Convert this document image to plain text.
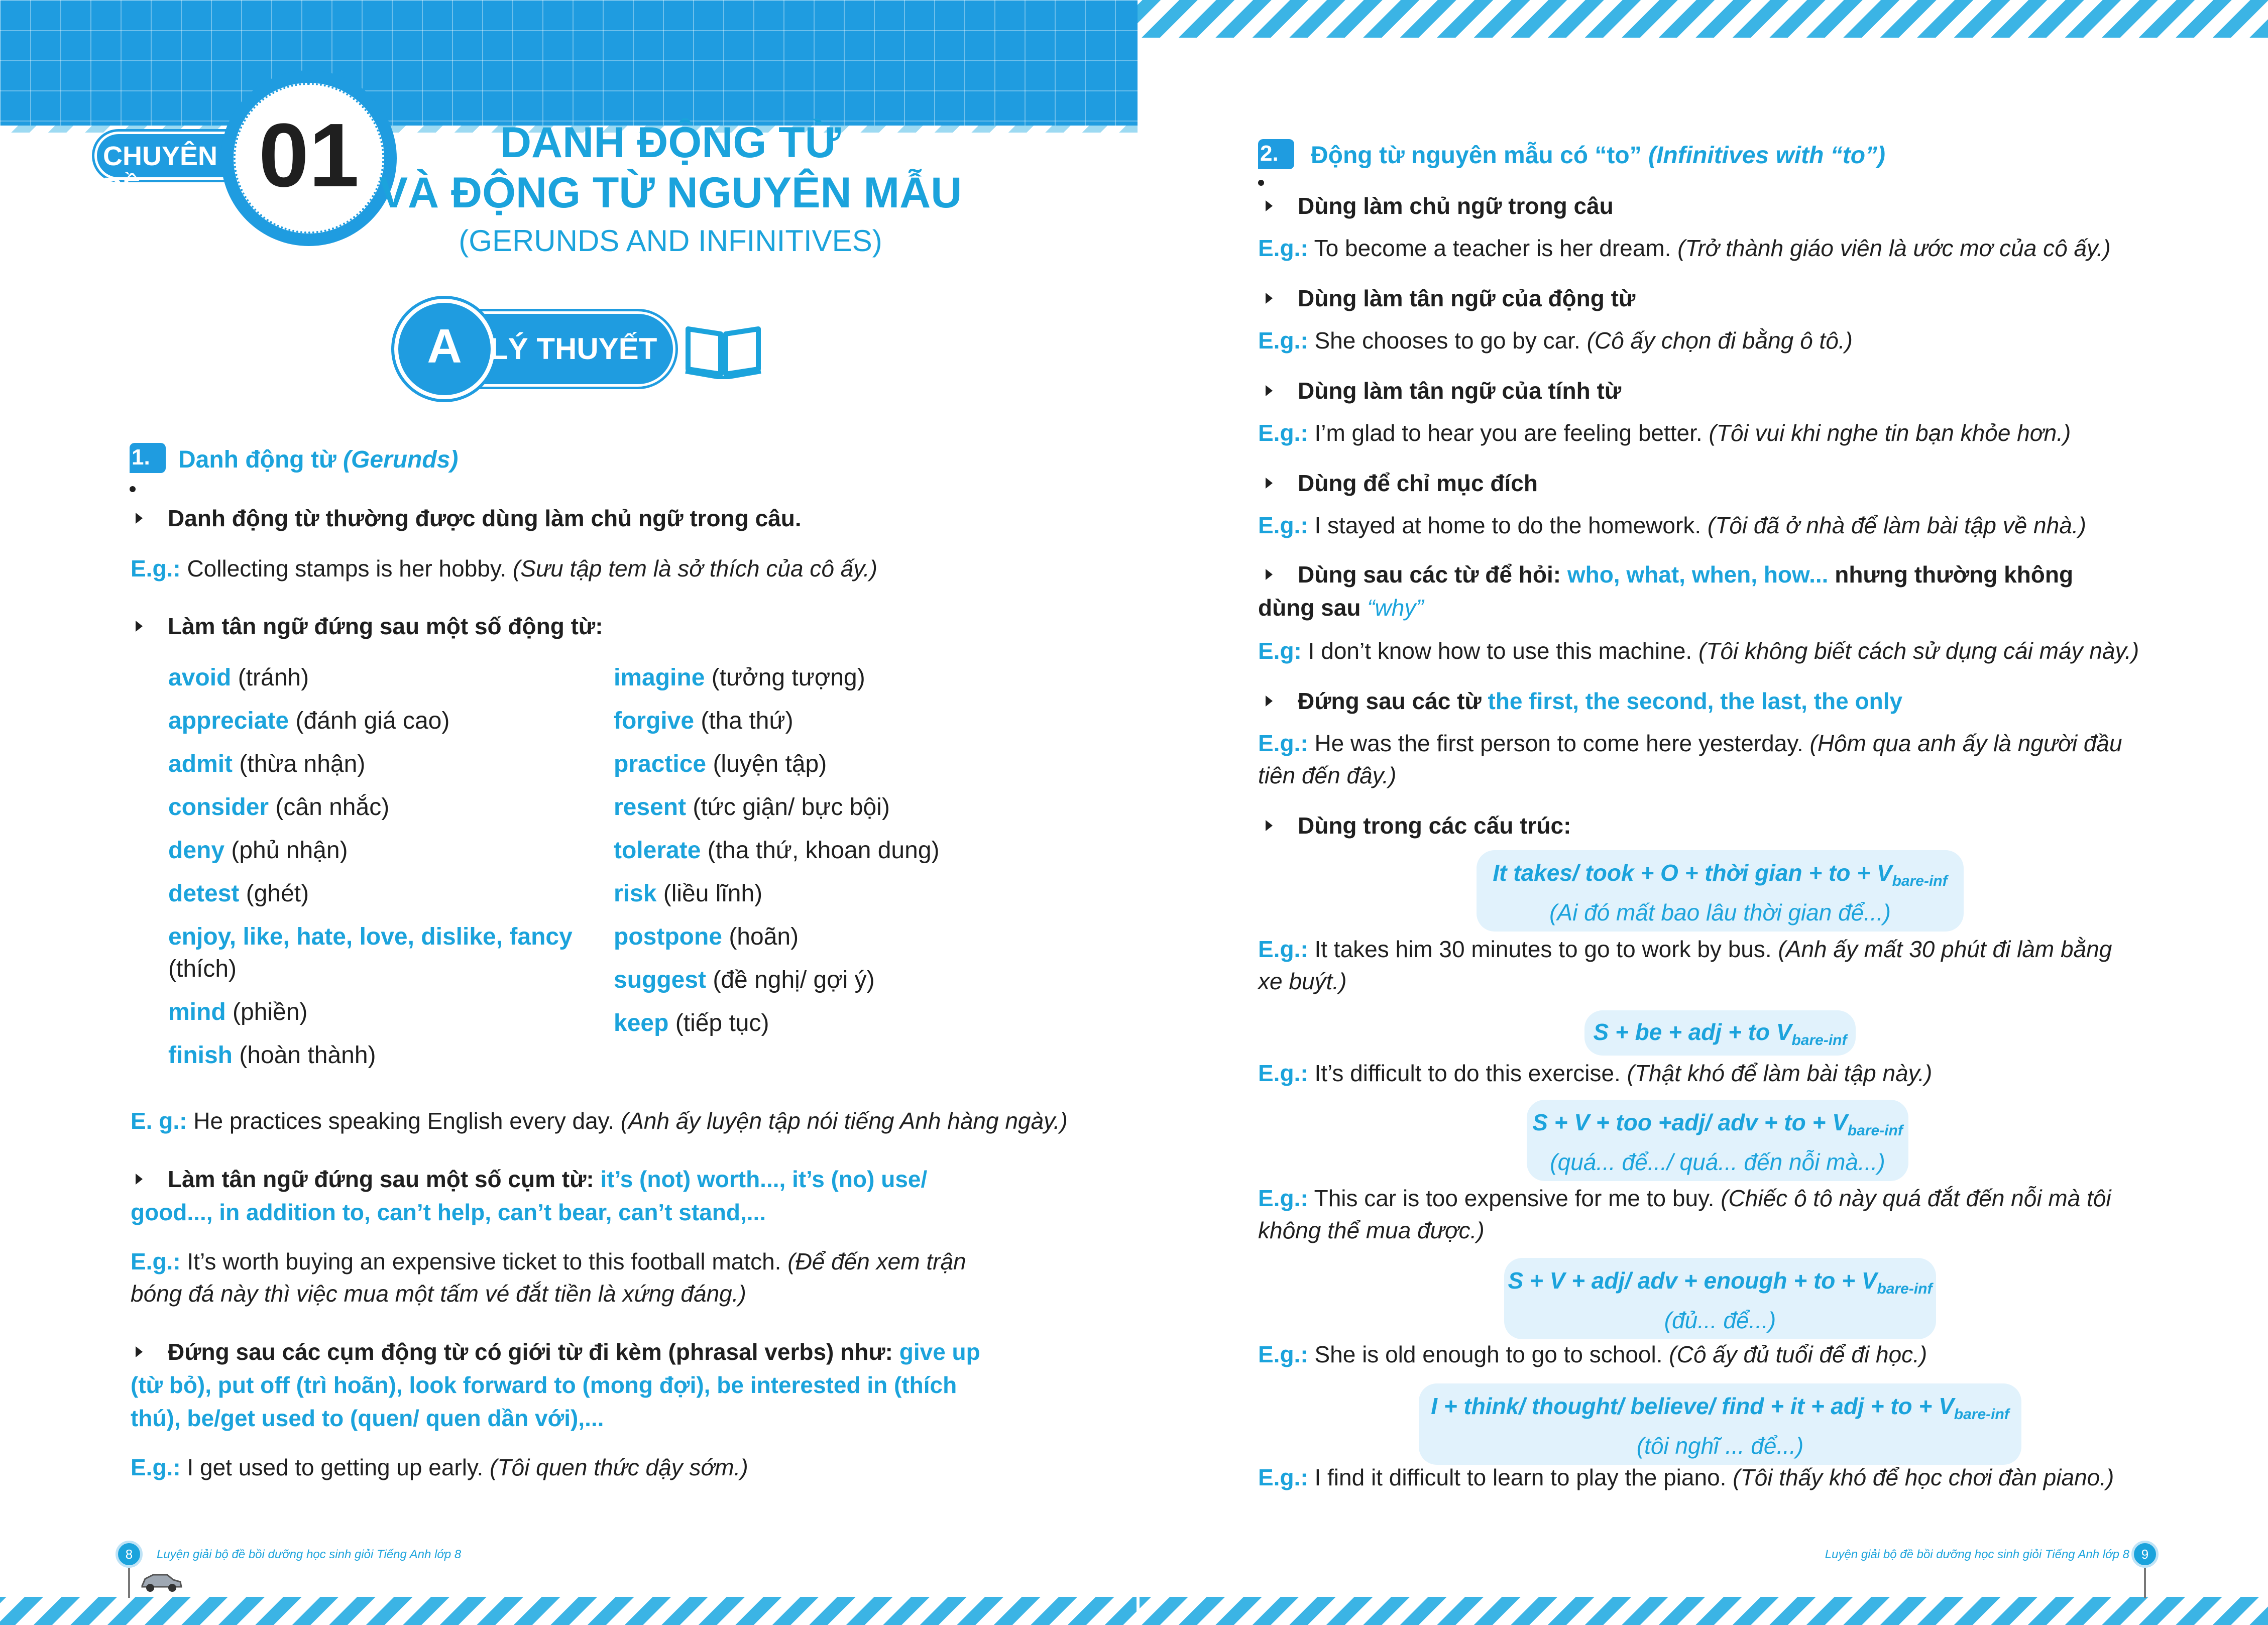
CHUYÊN ĐỀ	01	DANH ĐỘNG TỪ
VÀ ĐỘNG TỪ NGUYÊN MẪU
(GERUNDS AND INFINITIVES)
A LÝ THUYẾT
1. Danh động từ (Gerunds)
Danh động từ thường được dùng làm chủ ngữ trong câu.
E.g.: Collecting stamps is her hobby. (Sưu tập tem là sở thích của cô ấy.)
Làm tân ngữ đứng sau một số động từ:
avoid (tránh)
appreciate (đánh giá cao)
admit (thừa nhận)
consider (cân nhắc)
deny (phủ nhận)
detest (ghét)
enjoy, like, hate, love, dislike, fancy
(thích)
mind (phiền)
finish (hoàn thành)
imagine (tưởng tượng)
forgive (tha thứ)
practice (luyện tập)
resent (tức giận/ bực bội)
tolerate (tha thứ, khoan dung)
risk (liều lĩnh)
postpone (hoãn)
suggest (đề nghị/ gợi ý)
keep (tiếp tục)
E. g.: He practices speaking English every day. (Anh ấy luyện tập nói tiếng Anh hàng ngày.)
Làm tân ngữ đứng sau một số cụm từ: it’s (not) worth..., it’s (no) use/
good..., in addition to, can’t help, can’t bear, can’t stand,...
E.g.: It’s worth buying an expensive ticket to this football match. (Để đến xem trận
bóng đá này thì việc mua một tấm vé đắt tiền là xứng đáng.)
Đứng sau các cụm động từ có giới từ đi kèm (phrasal verbs) như: give up
(từ bỏ), put off (trì hoãn), look forward to (mong đợi), be interested in (thích
thú), be/get used to (quen/ quen dần với),...
E.g.: I get used to getting up early. (Tôi quen thức dậy sớm.)
8	Luyện giải bộ đề bồi dưỡng học sinh giỏi Tiếng Anh lớp 8
2. Động từ nguyên mẫu có “to” (Infinitives with “to”)
Dùng làm chủ ngữ trong câu
E.g.: To become a teacher is her dream. (Trở thành giáo viên là ước mơ của cô ấy.)
Dùng làm tân ngữ của động từ
E.g.: She chooses to go by car. (Cô ấy chọn đi bằng ô tô.)
Dùng làm tân ngữ của tính từ
E.g.: I’m glad to hear you are feeling better. (Tôi vui khi nghe tin bạn khỏe hơn.)
Dùng để chỉ mục đích
E.g.: I stayed at home to do the homework. (Tôi đã ở nhà để làm bài tập về nhà.)
Dùng sau các từ để hỏi: who, what, when, how... nhưng thường không
dùng sau “why”
E.g: I don’t know how to use this machine. (Tôi không biết cách sử dụng cái máy này.)
Đứng sau các từ the first, the second, the last, the only
E.g.: He was the first person to come here yesterday. (Hôm qua anh ấy là người đầu
tiên đến đây.)
Dùng trong các cấu trúc:
It takes/ took + O + thời gian + to + $V_{bare-inf}$
(Ai đó mất bao lâu thời gian để...)
E.g.: It takes him 30 minutes to go to work by bus. (Anh ấy mất 30 phút đi làm bằng
xe buýt.)
S + be + adj + to $V_{bare-inf}$
E.g.: It’s difficult to do this exercise. (Thật khó để làm bài tập này.)
S + V + too +adj/ adv + to + $V_{bare-inf}$
(quá... để.../ quá... đến nỗi mà...)
E.g.: This car is too expensive for me to buy. (Chiếc ô tô này quá đắt đến nỗi mà tôi
không thể mua được.)
S + V + adj/ adv + enough + to + $V_{bare-inf}$
(đủ... để...)
E.g.: She is old enough to go to school. (Cô ấy đủ tuổi để đi học.)
I + think/ thought/ believe/ find + it + adj + to + $V_{bare-inf}$
(tôi nghĩ ... để...)
E.g.: I find it difficult to learn to play the piano. (Tôi thấy khó để học chơi đàn piano.)
Luyện giải bộ đề bồi dưỡng học sinh giỏi Tiếng Anh lớp 8 9
